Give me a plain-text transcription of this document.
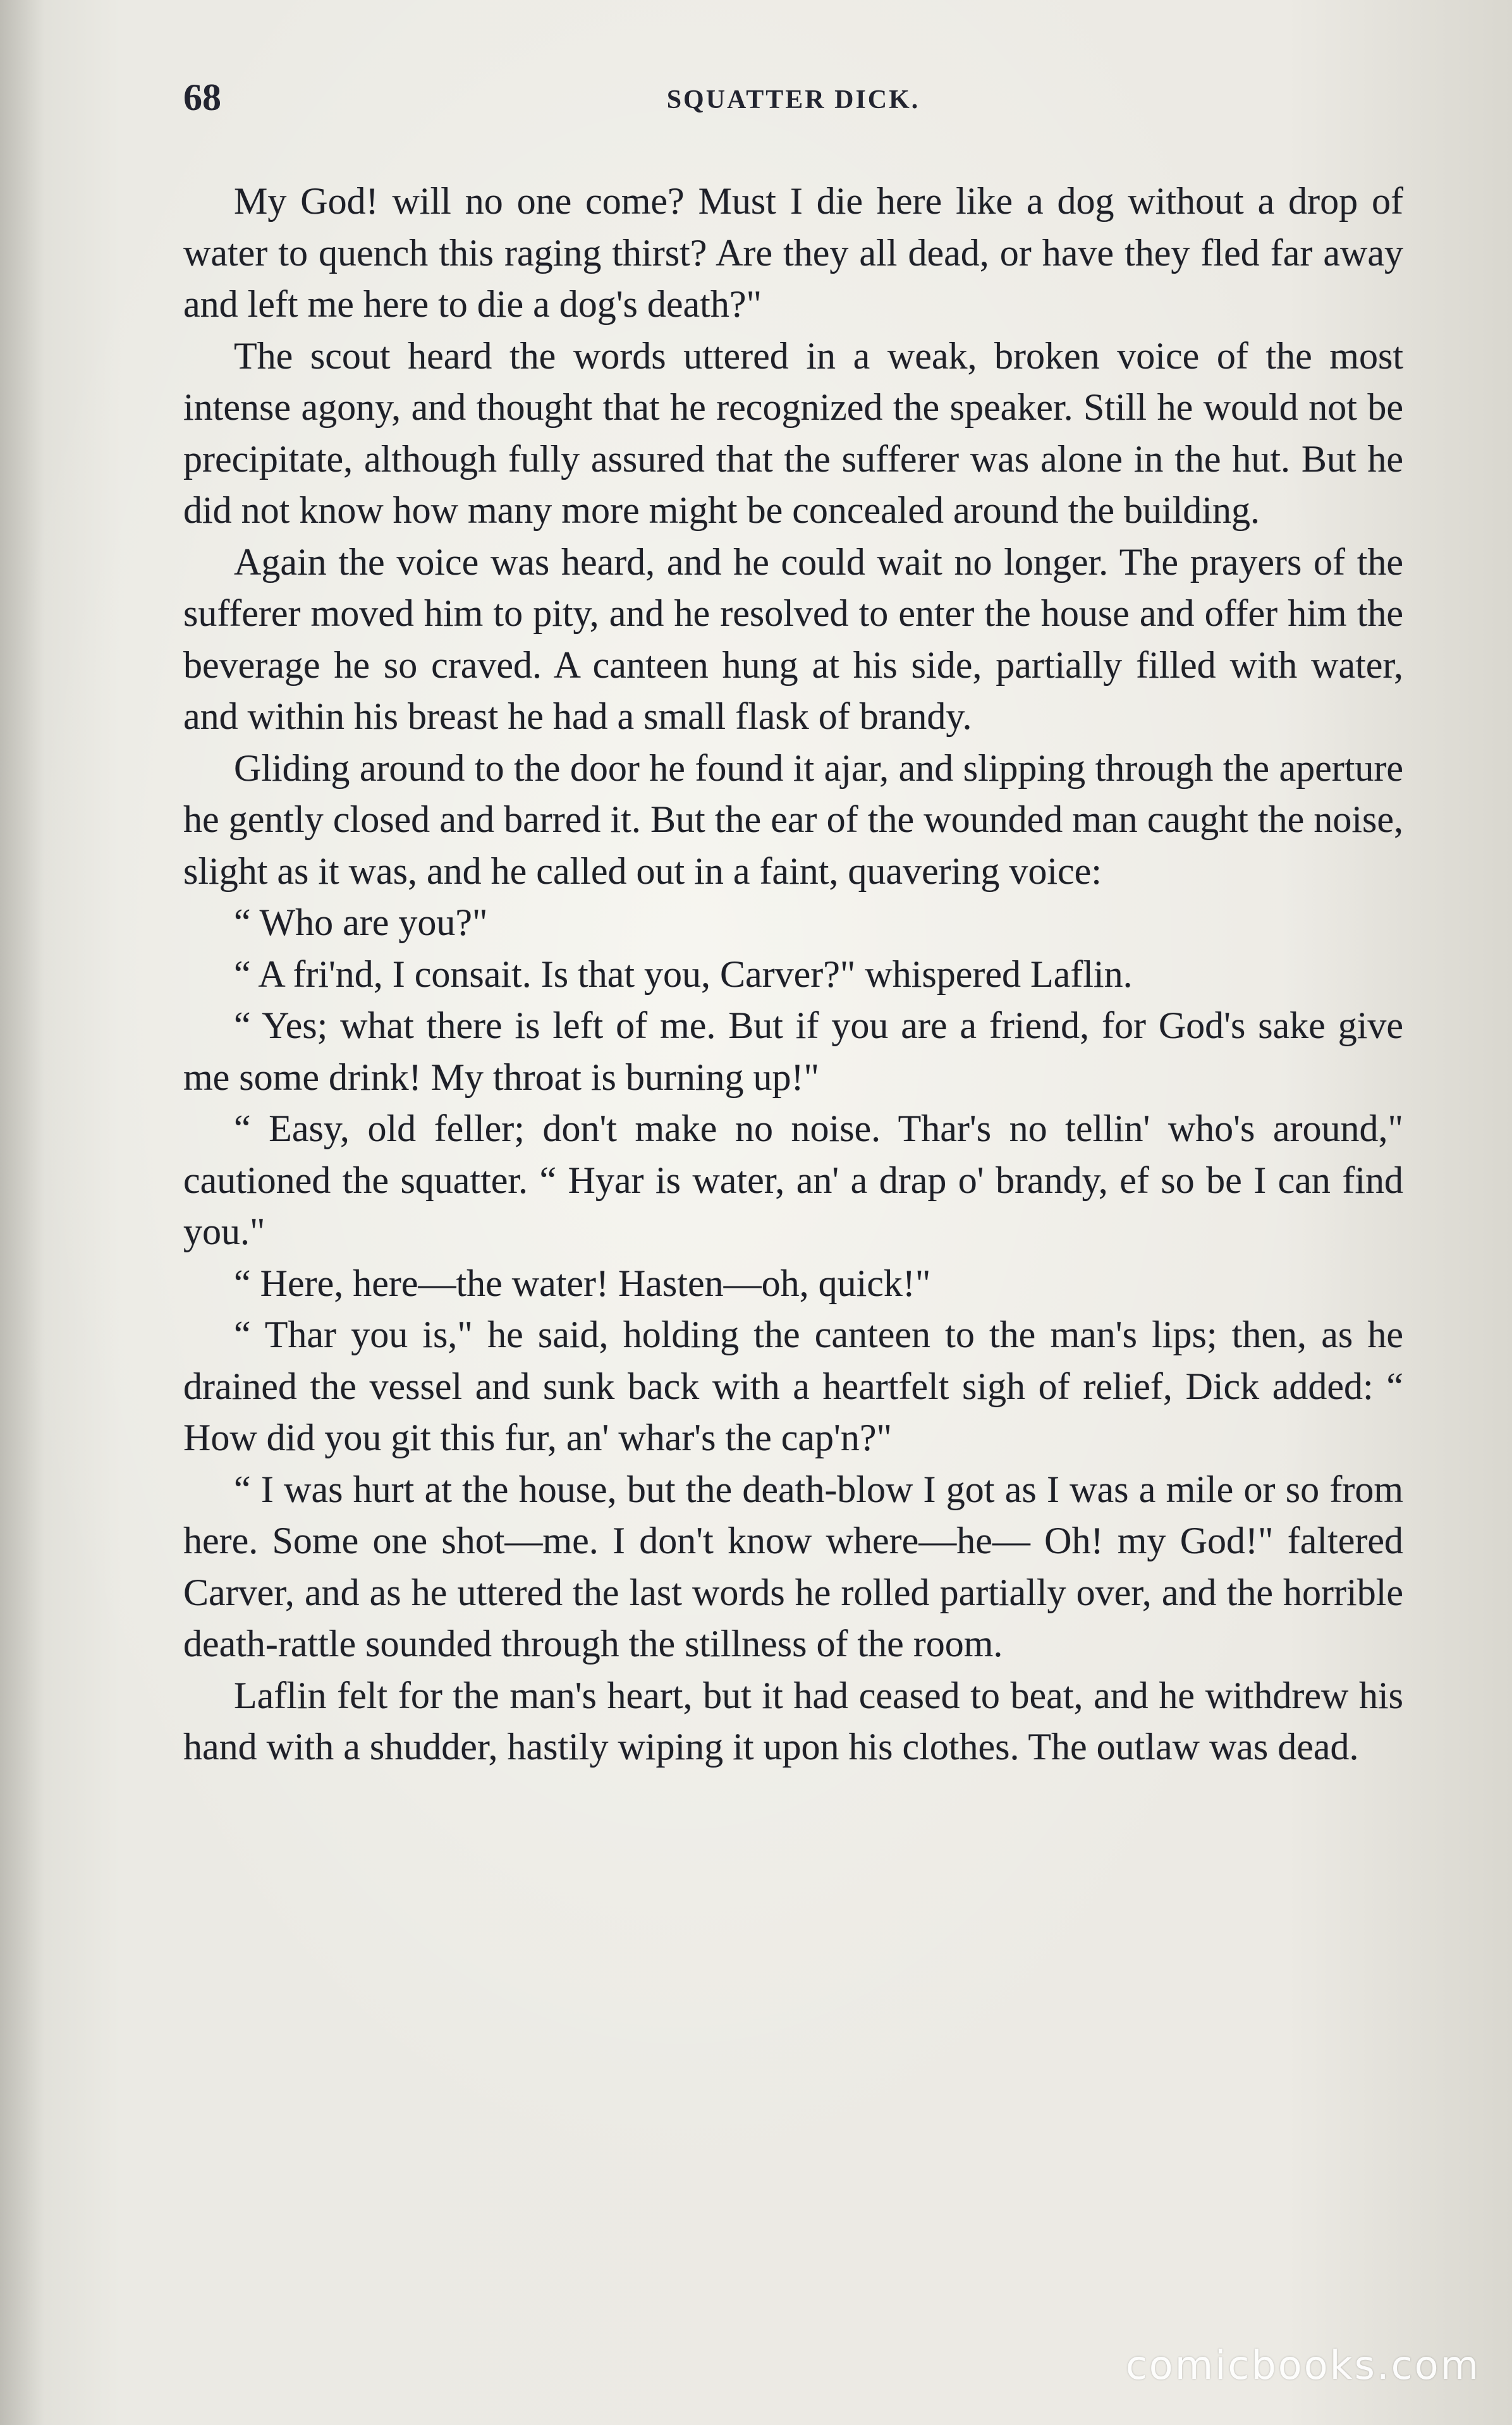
68	SQUATTER DICK.

My God! will no one come? Must I die here like a dog without a drop of water to quench this raging thirst? Are they all dead, or have they fled far away and left me here to die a dog's death?"

The scout heard the words uttered in a weak, broken voice of the most intense agony, and thought that he recognized the speaker. Still he would not be precipitate, although fully assured that the sufferer was alone in the hut. But he did not know how many more might be concealed around the building.

Again the voice was heard, and he could wait no longer. The prayers of the sufferer moved him to pity, and he resolved to enter the house and offer him the beverage he so craved. A canteen hung at his side, partially filled with water, and within his breast he had a small flask of brandy.

Gliding around to the door he found it ajar, and slipping through the aperture he gently closed and barred it. But the ear of the wounded man caught the noise, slight as it was, and he called out in a faint, quavering voice:

“ Who are you?"

“ A fri'nd, I consait. Is that you, Carver?" whispered Laflin.

“ Yes; what there is left of me. But if you are a friend, for God's sake give me some drink! My throat is burning up!"

“ Easy, old feller; don't make no noise. Thar's no tellin' who's around," cautioned the squatter. “ Hyar is water, an' a drap o' brandy, ef so be I can find you."

“ Here, here—the water! Hasten—oh, quick!"

“ Thar you is," he said, holding the canteen to the man's lips; then, as he drained the vessel and sunk back with a heartfelt sigh of relief, Dick added: “ How did you git this fur, an' whar's the cap'n?"

“ I was hurt at the house, but the death-blow I got as I was a mile or so from here. Some one shot—me. I don't know where—he— Oh! my God!" faltered Carver, and as he uttered the last words he rolled partially over, and the horrible death-rattle sounded through the stillness of the room.

Laflin felt for the man's heart, but it had ceased to beat, and he withdrew his hand with a shudder, hastily wiping it upon his clothes. The outlaw was dead.

comicbooks.com
